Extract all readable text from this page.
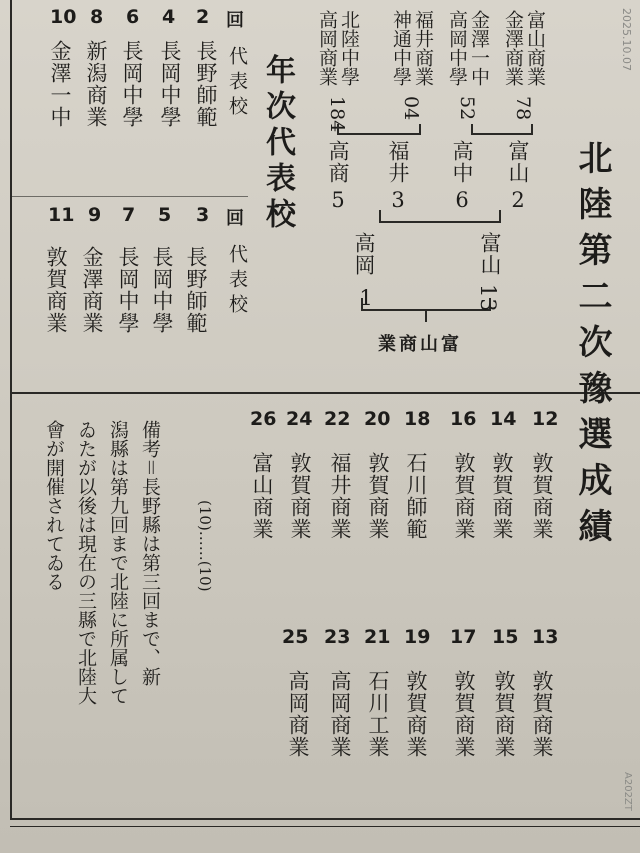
2025.10.07
A202ZT
北陸第二次豫選成績
富山商業
金澤商業
78
金澤一中
高岡中學
52
福井商業
神通中學
04
北陸中學
高岡商業
184
富山
2
高中
6
福井
3
高商
5
富山
13
高岡
1
富山商業
年次代表校
回
代表校
2
長野師範
4
長岡中學
6
長岡中學
8
新潟商業
10
金澤一中
回
代表校
3
長野師範
5
長岡中學
7
長岡中學
9
金澤商業
11
敦賀商業
12
敦賀商業
14
敦賀商業
16
敦賀商業
18
石川師範
20
敦賀商業
22
福井商業
24
敦賀商業
26
富山商業
13
敦賀商業
15
敦賀商業
17
敦賀商業
19
敦賀商業
21
石川工業
23
高岡商業
25
高岡商業
備考＝長野縣は第三回まで、新
潟縣は第九回まで北陸に所属して
ゐたが以後は現在の三縣で北陸大
會が開催されてゐる	(10)……(10)
